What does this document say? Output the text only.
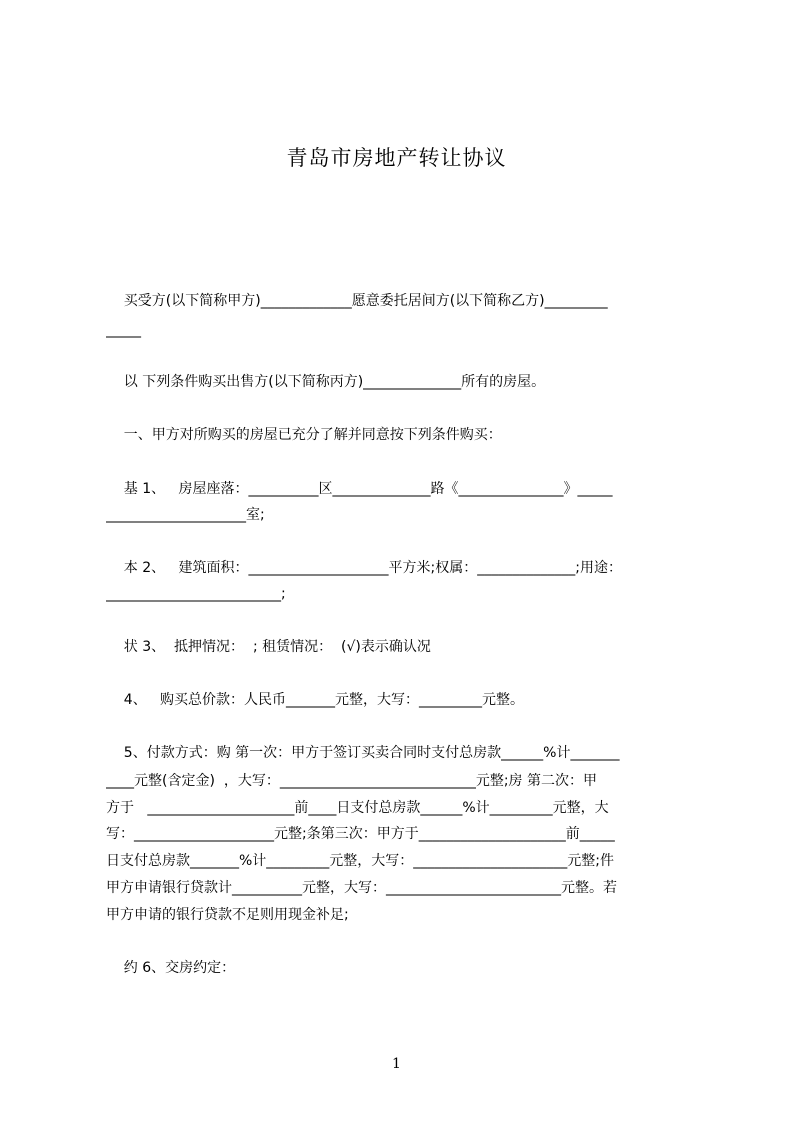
青岛市房地产转让协议
买受方(以下简称甲方)_____________愿意委托居间方(以下简称乙方)_________
_____
以 下列条件购买出售方(以下简称丙方)______________所有的房屋。
一、甲方对所购买的房屋已充分了解并同意按下列条件购买：
基 1、   房屋座落：__________区______________路《_______________》_____
____________________室;
本 2、   建筑面积：____________________平方米;权属：______________;用途：
_________________________;
状 3、  抵押情况：  ; 租赁情况：  (√)表示确认况
4、   购买总价款：人民币_______元整，大写：_________元整。
5、付款方式：购 第一次：甲方于签订买卖合同时支付总房款______%计_______
____元整(含定金)  ，大写：____________________________元整;房 第二次：甲
方于   _____________________前____日支付总房款______%计_________元整，大
写：____________________元整;条第三次：甲方于_____________________前_____
日支付总房款_______%计_________元整，大写：______________________元整;件
甲方申请银行贷款计__________元整，大写：_________________________元整。若
甲方申请的银行贷款不足则用现金补足;
约 6、交房约定：
1
